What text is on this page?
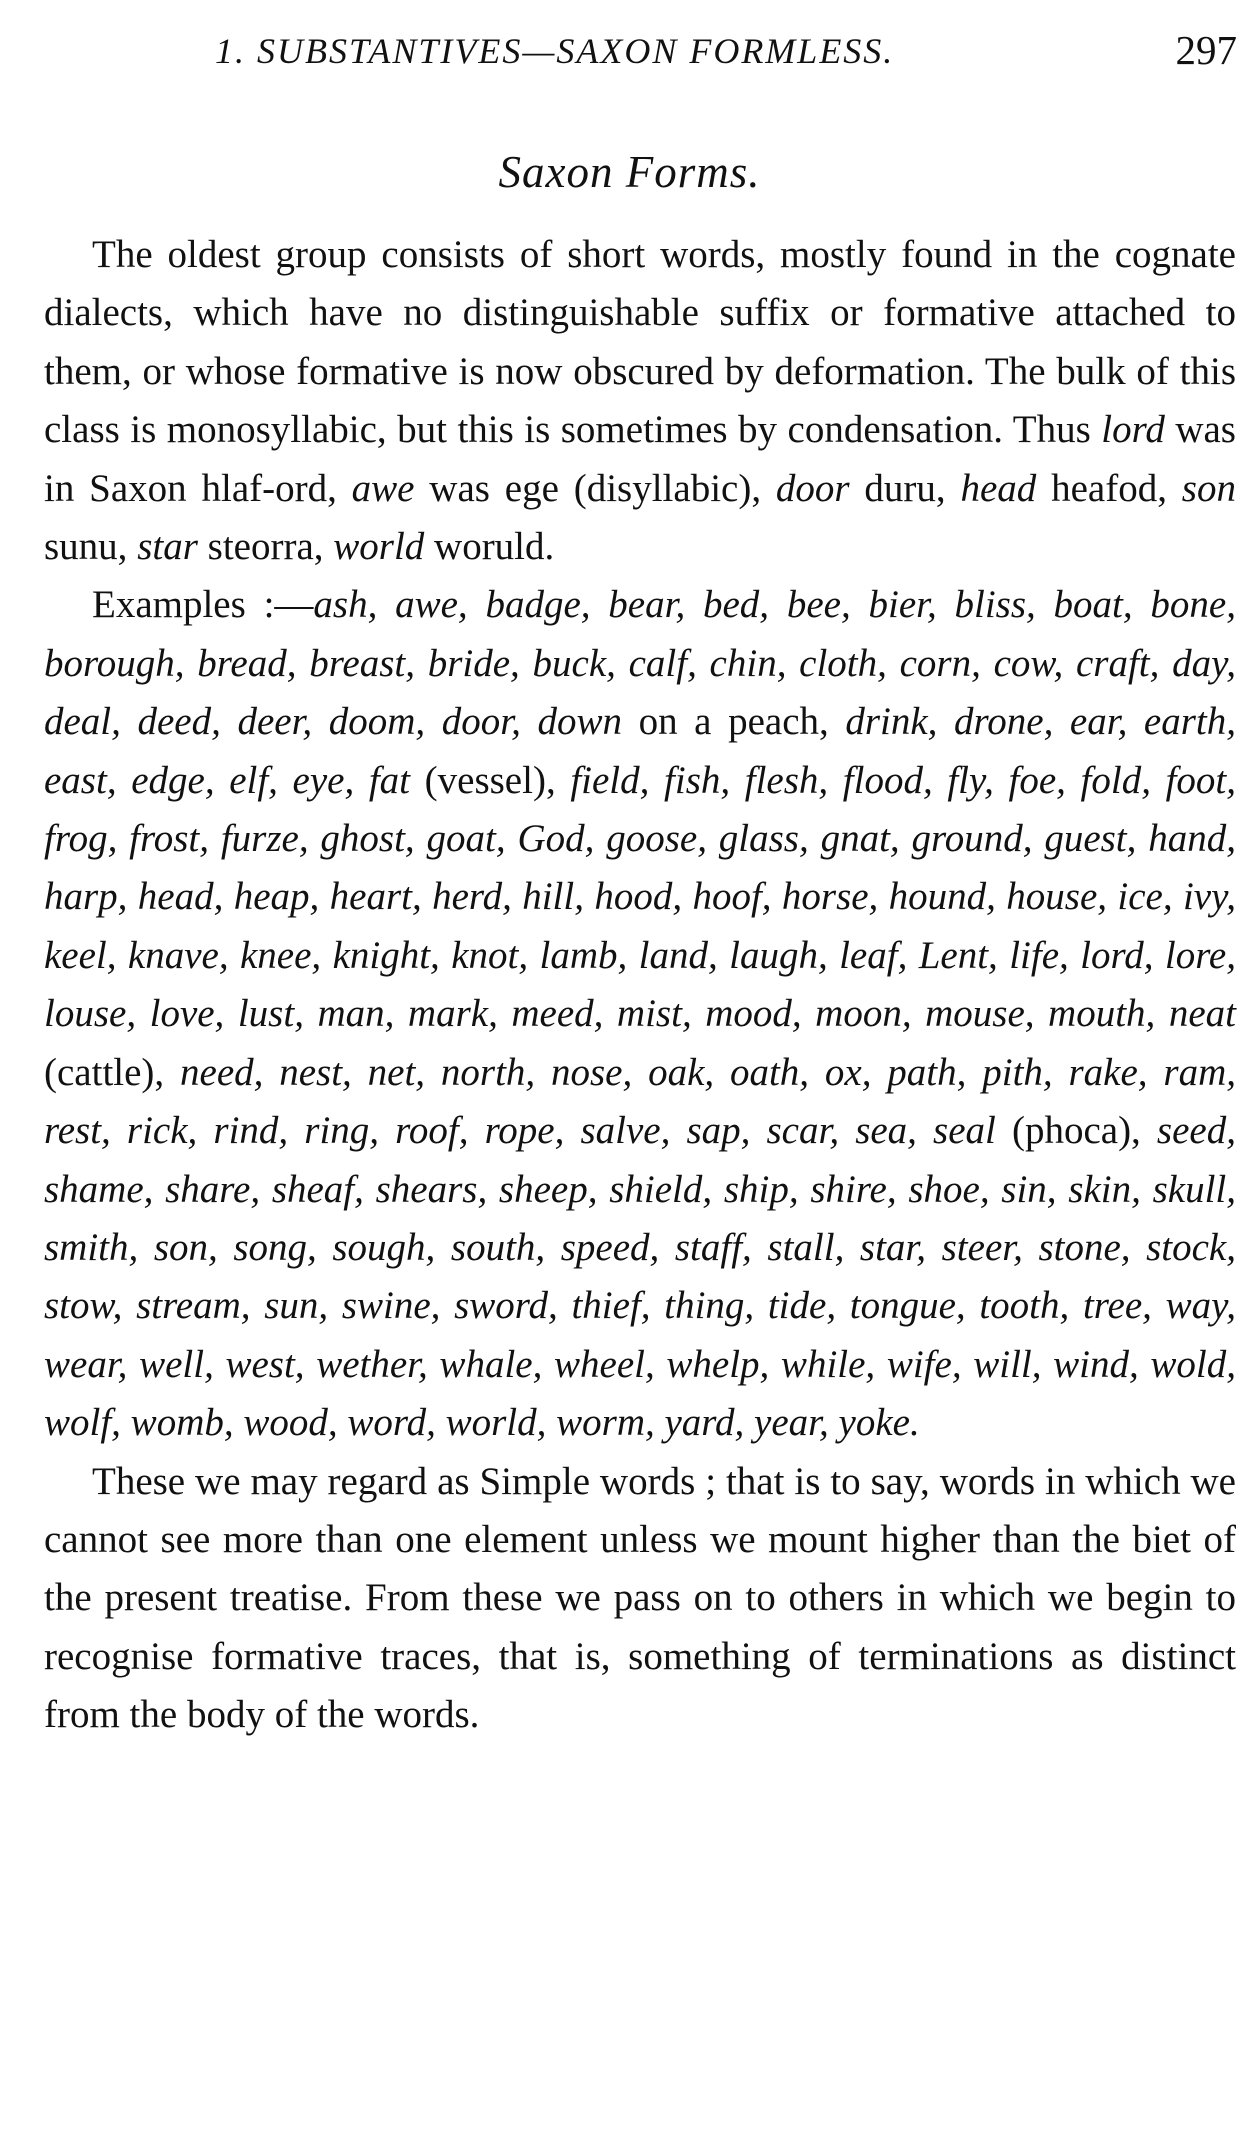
1. SUBSTANTIVES—SAXON FORMLESS.	297
Saxon Forms.

The oldest group consists of short words, mostly found in the cognate dialects, which have no distinguishable suffix or formative attached to them, or whose formative is now obscured by deformation. The bulk of this class is monosyllabic, but this is sometimes by condensation. Thus lord was in Saxon hlaf-ord, awe was ege (disyllabic), door duru, head heafod, son sunu, star steorra, world woruld.

Examples :—ash, awe, badge, bear, bed, bee, bier, bliss, boat, bone, borough, bread, breast, bride, buck, calf, chin, cloth, corn, cow, craft, day, deal, deed, deer, doom, door, down on a peach, drink, drone, ear, earth, east, edge, elf, eye, fat (vessel), field, fish, flesh, flood, fly, foe, fold, foot, frog, frost, furze, ghost, goat, God, goose, glass, gnat, ground, guest, hand, harp, head, heap, heart, herd, hill, hood, hoof, horse, hound, house, ice, ivy, keel, knave, knee, knight, knot, lamb, land, laugh, leaf, Lent, life, lord, lore, louse, love, lust, man, mark, meed, mist, mood, moon, mouse, mouth, neat (cattle), need, nest, net, north, nose, oak, oath, ox, path, pith, rake, ram, rest, rick, rind, ring, roof, rope, salve, sap, scar, sea, seal (phoca), seed, shame, share, sheaf, shears, sheep, shield, ship, shire, shoe, sin, skin, skull, smith, son, song, sough, south, speed, staff, stall, star, steer, stone, stock, stow, stream, sun, swine, sword, thief, thing, tide, tongue, tooth, tree, way, wear, well, west, wether, whale, wheel, whelp, while, wife, will, wind, wold, wolf, womb, wood, word, world, worm, yard, year, yoke.

These we may regard as Simple words ; that is to say, words in which we cannot see more than one element unless we mount higher than the biet of the present treatise. From these we pass on to others in which we begin to recognise formative traces, that is, something of terminations as distinct from the body of the words.
